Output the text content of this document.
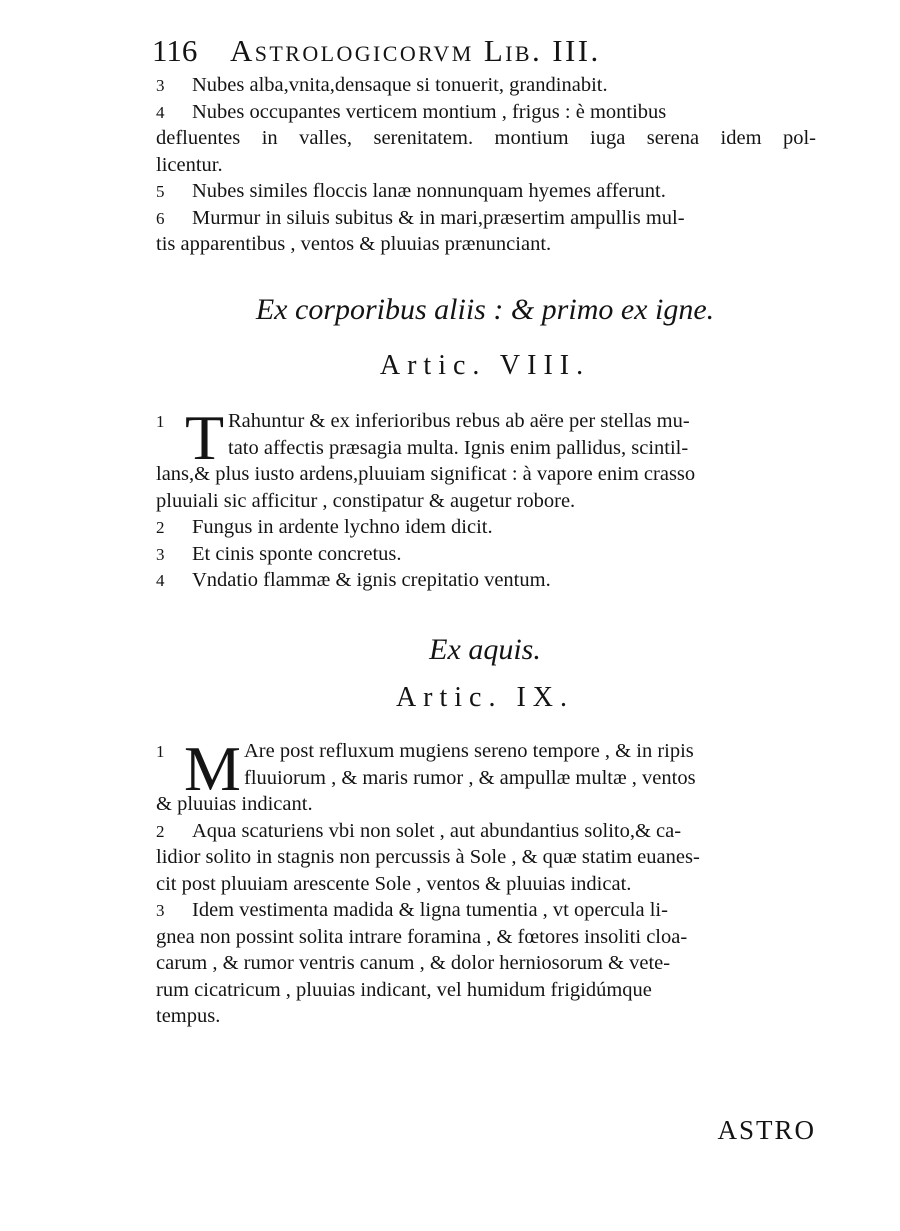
116 Astrologicorvm Lib. III.
3 Nubes alba,vnita,densaque si tonuerit, grandinabit.
4 Nubes occupantes verticem montium , frigus : è montibus
defluentes in valles, serenitatem. montium iuga serena idem pol-
licentur.
5 Nubes similes floccis lanæ nonnunquam hyemes afferunt.
6 Murmur in siluis subitus & in mari,præsertim ampullis mul-
tis apparentibus , ventos & pluuias prænunciant.
Ex corporibus aliis : & primo ex igne.
Artic. VIII.
T
1	Rahuntur & ex inferioribus rebus ab aëre per stellas mu-
tato affectis præsagia multa. Ignis enim pallidus, scintil-
lans,& plus iusto ardens,pluuiam significat : à vapore enim crasso
pluuiali sic afficitur , constipatur & augetur robore.
2 Fungus in ardente lychno idem dicit.
3 Et cinis sponte concretus.
4 Vndatio flammæ & ignis crepitatio ventum.
Ex aquis.
Artic. IX.
M
1	Are post refluxum mugiens sereno tempore , & in ripis
fluuiorum , & maris rumor , & ampullæ multæ , ventos
& pluuias indicant.
2 Aqua scaturiens vbi non solet , aut abundantius solito,& ca-
lidior solito in stagnis non percussis à Sole , & quæ statim euanes-
cit post pluuiam arescente Sole , ventos & pluuias indicat.
3 Idem vestimenta madida & ligna tumentia , vt opercula li-
gnea non possint solita intrare foramina , & fœtores insoliti cloa-
carum , & rumor ventris canum , & dolor herniosorum & vete-
rum cicatricum , pluuias indicant, vel humidum frigidúmque
tempus.
ASTRO
